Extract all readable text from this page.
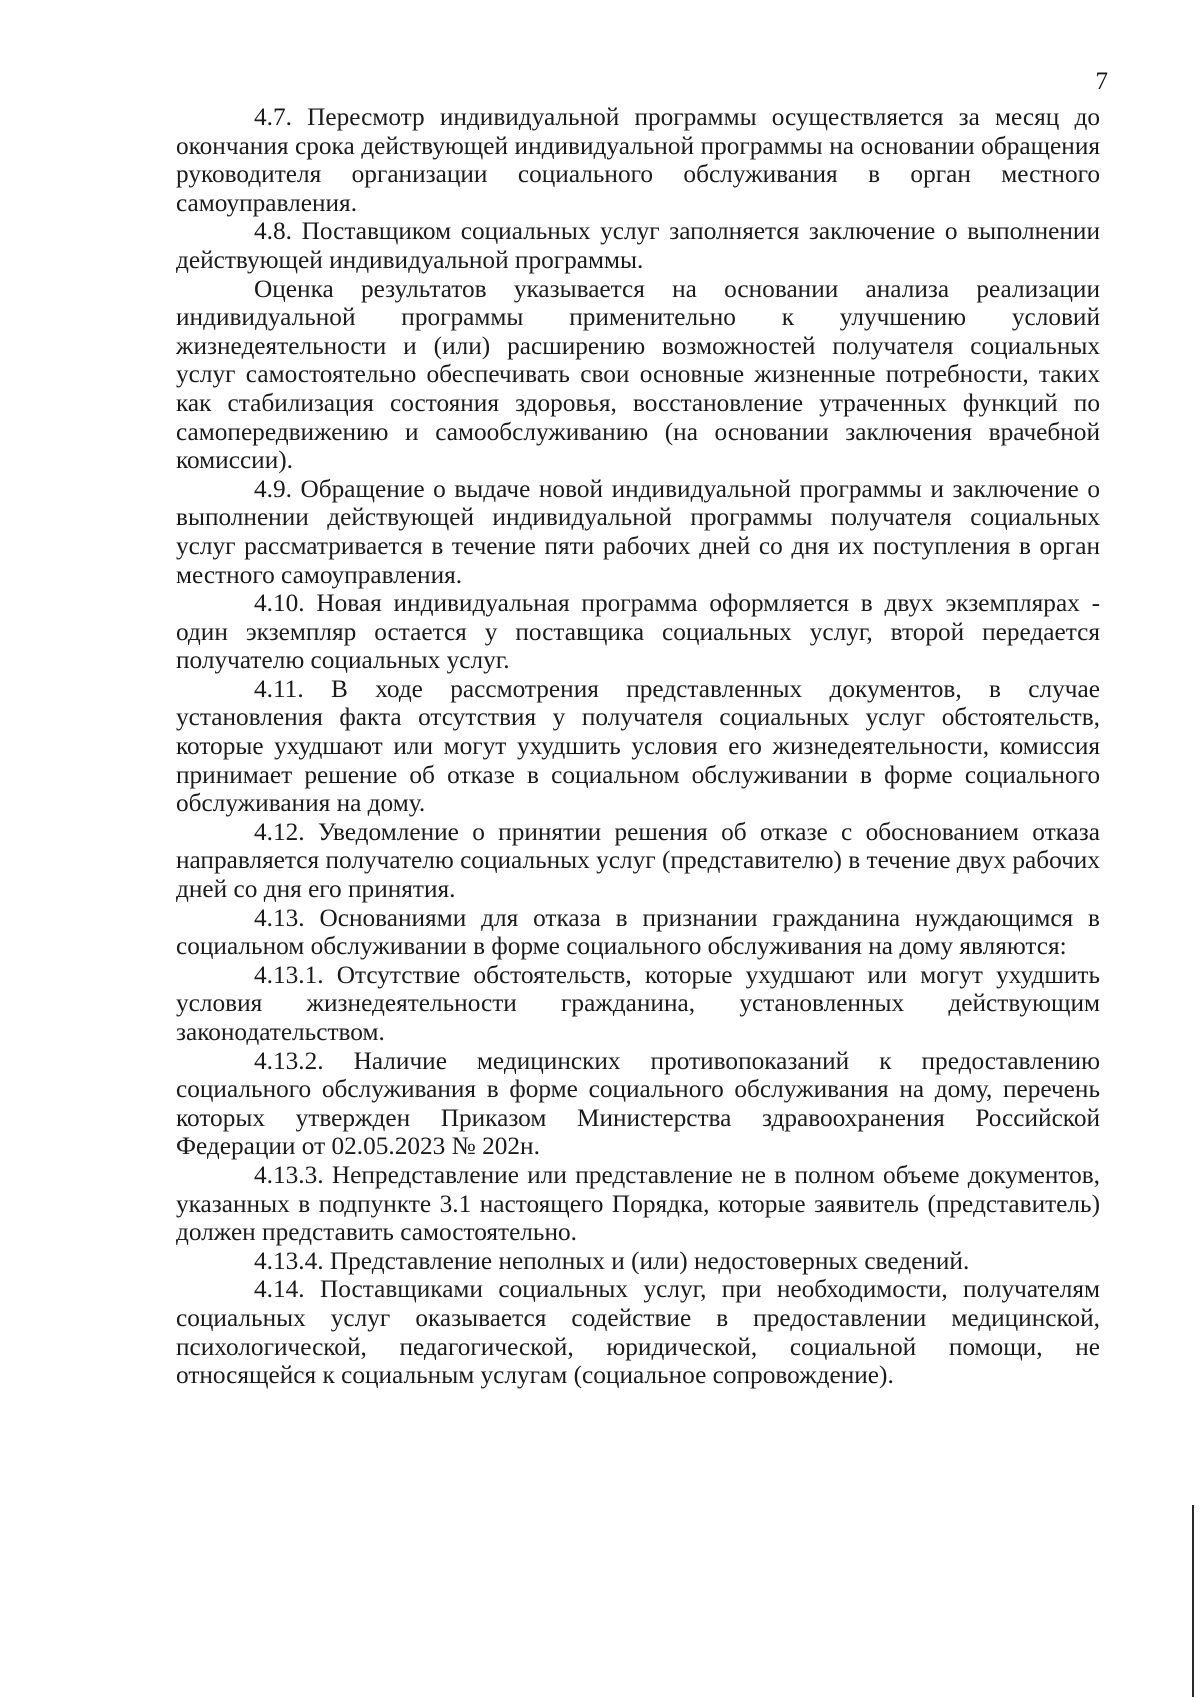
7

4.7. Пересмотр индивидуальной программы осуществляется за месяц до окончания срока действующей индивидуальной программы на основании обращения руководителя организации социального обслуживания в орган местного самоуправления.

4.8. Поставщиком социальных услуг заполняется заключение о выполнении действующей индивидуальной программы.

Оценка результатов указывается на основании анализа реализации индивидуальной программы применительно к улучшению условий жизнедеятельности и (или) расширению возможностей получателя социальных услуг самостоятельно обеспечивать свои основные жизненные потребности, таких как стабилизация состояния здоровья, восстановление утраченных функций по самопередвижению и самообслуживанию (на основании заключения врачебной комиссии).

4.9. Обращение о выдаче новой индивидуальной программы и заключение о выполнении действующей индивидуальной программы получателя социальных услуг рассматривается в течение пяти рабочих дней со дня их поступления в орган местного самоуправления.

4.10. Новая индивидуальная программа оформляется в двух экземплярах - один экземпляр остается у поставщика социальных услуг, второй передается получателю социальных услуг.

4.11. В ходе рассмотрения представленных документов, в случае установления факта отсутствия у получателя социальных услуг обстоятельств, которые ухудшают или могут ухудшить условия его жизнедеятельности, комиссия принимает решение об отказе в социальном обслуживании в форме социального обслуживания на дому.

4.12. Уведомление о принятии решения об отказе с обоснованием отказа направляется получателю социальных услуг (представителю) в течение двух рабочих дней со дня его принятия.

4.13. Основаниями для отказа в признании гражданина нуждающимся в социальном обслуживании в форме социального обслуживания на дому являются:

4.13.1. Отсутствие обстоятельств, которые ухудшают или могут ухудшить условия жизнедеятельности гражданина, установленных действующим законодательством.

4.13.2. Наличие медицинских противопоказаний к предоставлению социального обслуживания в форме социального обслуживания на дому, перечень которых утвержден Приказом Министерства здравоохранения Российской Федерации от 02.05.2023 № 202н.

4.13.3. Непредставление или представление не в полном объеме документов, указанных в подпункте 3.1 настоящего Порядка, которые заявитель (представитель) должен представить самостоятельно.

4.13.4. Представление неполных и (или) недостоверных сведений.

4.14. Поставщиками социальных услуг, при необходимости, получателям социальных услуг оказывается содействие в предоставлении медицинской, психологической, педагогической, юридической, социальной помощи, не относящейся к социальным услугам (социальное сопровождение).
